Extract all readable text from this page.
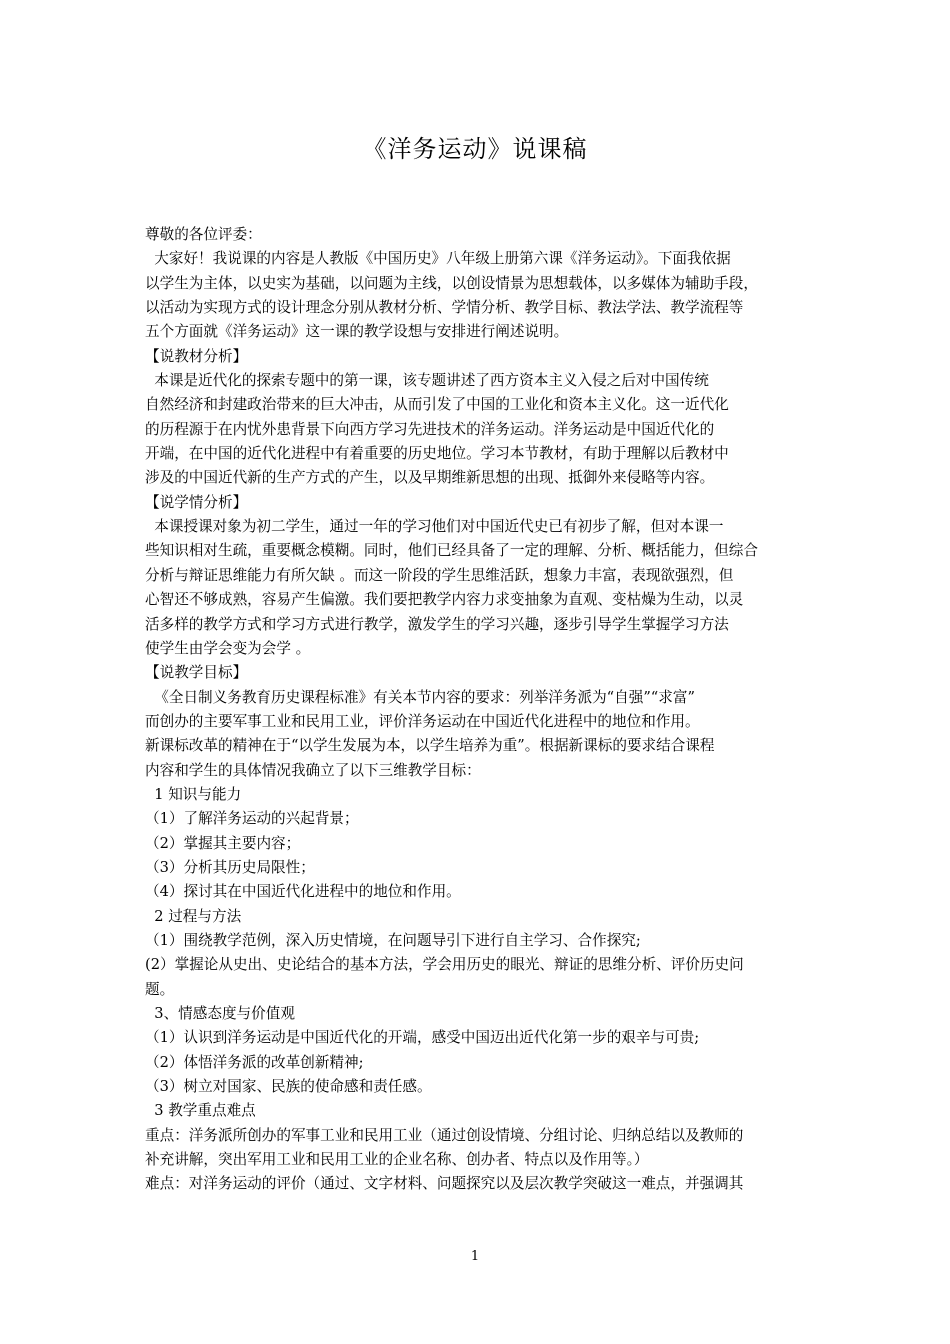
《洋务运动》说课稿
尊敬的各位评委：
大家好！我说课的内容是人教版《中国历史》八年级上册第六课《洋务运动》。下面我依据
以学生为主体，以史实为基础，以问题为主线，以创设情景为思想载体，以多媒体为辅助手段，
以活动为实现方式的设计理念分别从教材分析、学情分析、教学目标、教法学法、教学流程等
五个方面就《洋务运动》这一课的教学设想与安排进行阐述说明。
【说教材分析】
本课是近代化的探索专题中的第一课，该专题讲述了西方资本主义入侵之后对中国传统
自然经济和封建政治带来的巨大冲击，从而引发了中国的工业化和资本主义化。这一近代化
的历程源于在内忧外患背景下向西方学习先进技术的洋务运动。洋务运动是中国近代化的
开端，在中国的近代化进程中有着重要的历史地位。学习本节教材，有助于理解以后教材中
涉及的中国近代新的生产方式的产生，以及早期维新思想的出现、抵御外来侵略等内容。
【说学情分析】
本课授课对象为初二学生，通过一年的学习他们对中国近代史已有初步了解，但对本课一
些知识相对生疏，重要概念模糊。同时，他们已经具备了一定的理解、分析、概括能力，但综合
分析与辩证思维能力有所欠缺 。而这一阶段的学生思维活跃，想象力丰富，表现欲强烈，但
心智还不够成熟，容易产生偏激。我们要把教学内容力求变抽象为直观、变枯燥为生动，以灵
活多样的教学方式和学习方式进行教学，激发学生的学习兴趣，逐步引导学生掌握学习方法
使学生由学会变为会学 。
【说教学目标】
《全日制义务教育历史课程标准》有关本节内容的要求：列举洋务派为“自强”“求富”
而创办的主要军事工业和民用工业，评价洋务运动在中国近代化进程中的地位和作用。
新课标改革的精神在于“以学生发展为本，以学生培养为重”。根据新课标的要求结合课程
内容和学生的具体情况我确立了以下三维教学目标：
1 知识与能力
（1）了解洋务运动的兴起背景；
（2）掌握其主要内容；
（3）分析其历史局限性；
（4）探讨其在中国近代化进程中的地位和作用。
2 过程与方法
（1）围绕教学范例，深入历史情境，在问题导引下进行自主学习、合作探究;
(2）掌握论从史出、史论结合的基本方法，学会用历史的眼光、辩证的思维分析、评价历史问
题。
3、情感态度与价值观
（1）认识到洋务运动是中国近代化的开端，感受中国迈出近代化第一步的艰辛与可贵;
（2）体悟洋务派的改革创新精神;
（3）树立对国家、民族的使命感和责任感。
3 教学重点难点
重点：洋务派所创办的军事工业和民用工业（通过创设情境、分组讨论、归纳总结以及教师的
补充讲解，突出军用工业和民用工业的企业名称、创办者、特点以及作用等。）
难点：对洋务运动的评价（通过、文字材料、问题探究以及层次教学突破这一难点，并强调其
1
